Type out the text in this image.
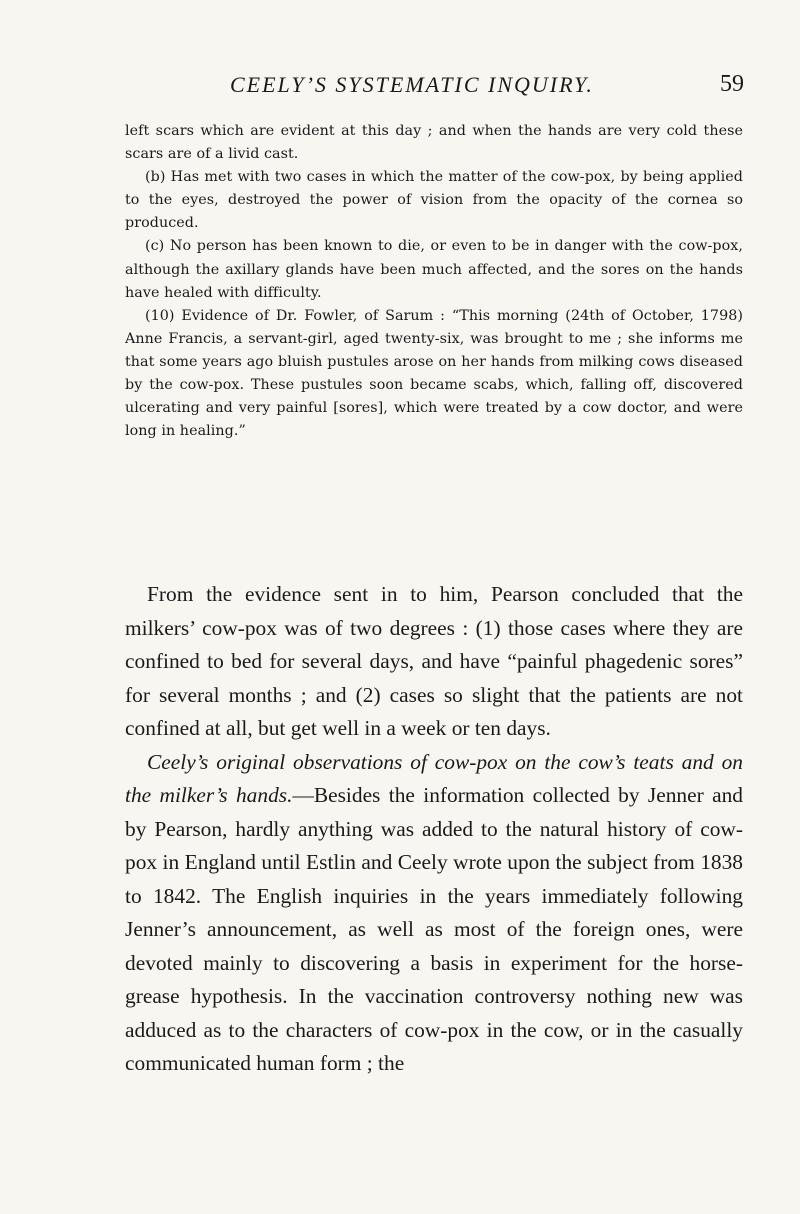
CEELY’S SYSTEMATIC INQUIRY.	59

left scars which are evident at this day ; and when the hands are very cold these scars are of a livid cast.

(b) Has met with two cases in which the matter of the cow-pox, by being applied to the eyes, destroyed the power of vision from the opacity of the cornea so produced.

(c) No person has been known to die, or even to be in danger with the cow-pox, although the axillary glands have been much affected, and the sores on the hands have healed with difficulty.

(10) Evidence of Dr. Fowler, of Sarum : “This morning (24th of October, 1798) Anne Francis, a servant-girl, aged twenty-six, was brought to me ; she informs me that some years ago bluish pustules arose on her hands from milking cows diseased by the cow-pox. These pustules soon became scabs, which, falling off, discovered ulcerating and very painful [sores], which were treated by a cow doctor, and were long in healing.”

From the evidence sent in to him, Pearson concluded that the milkers’ cow-pox was of two degrees : (1) those cases where they are confined to bed for several days, and have “painful phagedenic sores” for several months ; and (2) cases so slight that the patients are not confined at all, but get well in a week or ten days.

Ceely’s original observations of cow-pox on the cow’s teats and on the milker’s hands.—Besides the information collected by Jenner and by Pearson, hardly anything was added to the natural history of cow-pox in England until Estlin and Ceely wrote upon the subject from 1838 to 1842. The English inquiries in the years immediately following Jenner’s announcement, as well as most of the foreign ones, were devoted mainly to discovering a basis in experiment for the horse-grease hypothesis. In the vaccination controversy nothing new was adduced as to the characters of cow-pox in the cow, or in the casually communicated human form ; the
